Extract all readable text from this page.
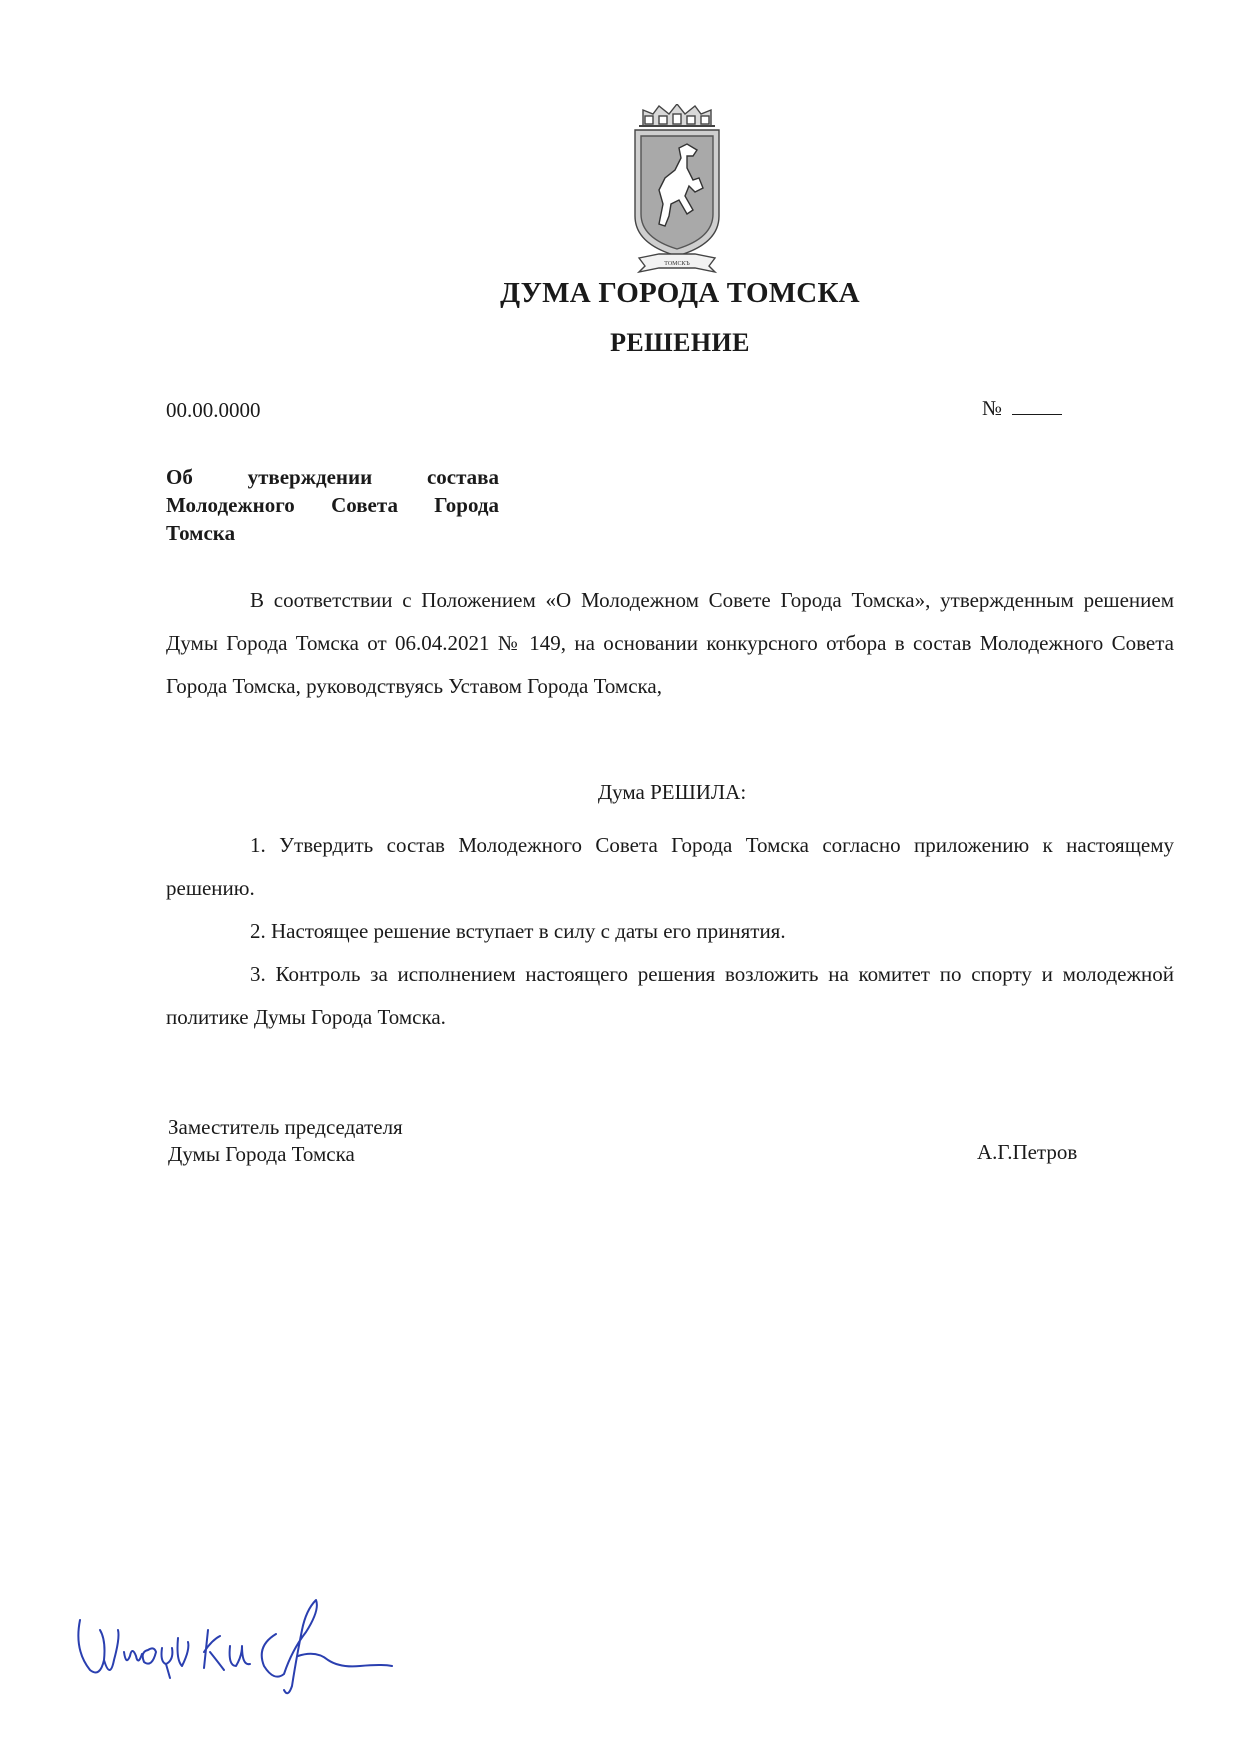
ТОМСКЪ
ДУМА ГОРОДА ТОМСКА
РЕШЕНИЕ
00.00.0000	№
Об утверждении состава Молодежного Совета Города Томска
В соответствии с Положением «О Молодежном Совете Города Томска», утвержденным решением Думы Города Томска от 06.04.2021 № 149, на основании конкурсного отбора в состав Молодежного Совета Города Томска, руководствуясь Уставом Города Томска,
Дума РЕШИЛА:
1. Утвердить состав Молодежного Совета Города Томска согласно приложению к настоящему решению.
2. Настоящее решение вступает в силу с даты его принятия.
3. Контроль за исполнением настоящего решения возложить на комитет по спорту и молодежной политике Думы Города Томска.
Заместитель председателя
Думы Города Томска	А.Г.Петров
